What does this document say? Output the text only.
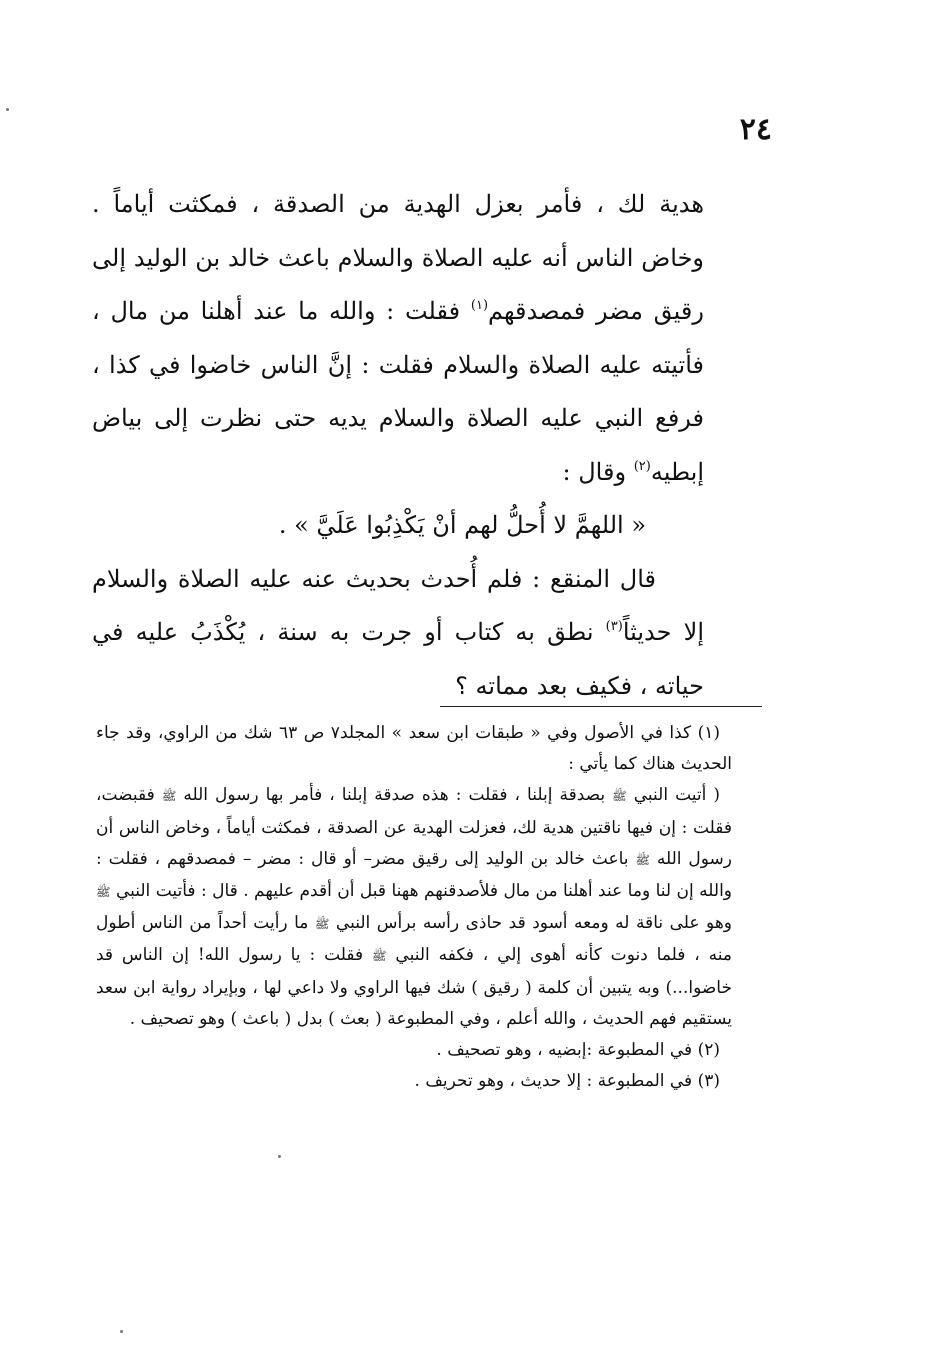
٢٤

هدية لك ، فأمر بعزل الهدية من الصدقة ، فمكثت أياماً . وخاض الناس أنه عليه الصلاة والسلام باعث خالد بن الوليد إلى رقيق مضر فمصدقهم$^{(١)}$ فقلت : والله ما عند أهلنا من مال ، فأتيته عليه الصلاة والسلام فقلت : إنَّ الناس خاضوا في كذا ، فرفع النبي عليه الصلاة والسلام يديه حتى نظرت إلى بياض إبطيه$^{(٢)}$ وقال :

« اللهمَّ لا أُحلُّ لهم أنْ يَكْذِبُوا عَلَيَّ » .

قال المنقع : فلم أُحدث بحديث عنه عليه الصلاة والسلام إلا حديثاً$^{(٣)}$ نطق به كتاب أو جرت به سنة ، يُكْذَبُ عليه في حياته ، فكيف بعد مماته ؟

(١) كذا في الأصول وفي « طبقات ابن سعد » المجلد٧ ص ٦٣ شك من الراوي، وقد جاء الحديث هناك كما يأتي :

( أتيت النبي ﷺ بصدقة إبلنا ، فقلت : هذه صدقة إبلنا ، فأمر بها رسول الله ﷺ فقبضت، فقلت : إن فيها ناقتين هدية لك، فعزلت الهدية عن الصدقة ، فمكثت أياماً ، وخاض الناس أن رسول الله ﷺ باعث خالد بن الوليد إلى رقيق مضر– أو قال : مضر – فمصدقهم ، فقلت : والله إن لنا وما عند أهلنا من مال فلأصدقنهم ههنا قبل أن أقدم عليهم . قال : فأتيت النبي ﷺ وهو على ناقة له ومعه أسود قد حاذى رأسه برأس النبي ﷺ ما رأيت أحداً من الناس أطول منه ، فلما دنوت كأنه أهوى إلي ، فكفه النبي ﷺ فقلت : يا رسول الله! إن الناس قد خاضوا...) وبه يتبين أن كلمة ( رقيق ) شك فيها الراوي ولا داعي لها ، وبإيراد رواية ابن سعد يستقيم فهم الحديث ، والله أعلم ، وفي المطبوعة ( بعث ) بدل ( باعث ) وهو تصحيف .

(٢) في المطبوعة :إبضيه ، وهو تصحيف .

(٣) في المطبوعة : إلا حديث ، وهو تحريف .
